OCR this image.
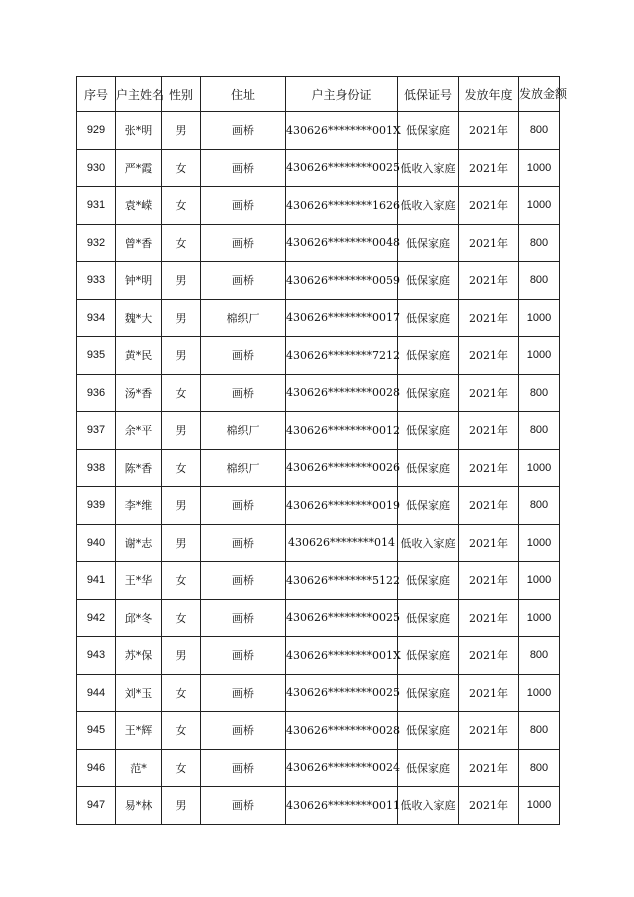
序号	户主姓名	性别	住址	户主身份证	低保证号	发放年度	发放金额
929	张*明	男	画桥	430626********001X	低保家庭	2021年	800
930	严*霞	女	画桥	430626********0025	低收入家庭	2021年	1000
931	袁*嵘	女	画桥	430626********1626	低收入家庭	2021年	1000
932	曾*香	女	画桥	430626********0048	低保家庭	2021年	800
933	钟*明	男	画桥	430626********0059	低保家庭	2021年	800
934	魏*大	男	棉织厂	430626********0017	低保家庭	2021年	1000
935	黄*民	男	画桥	430626********7212	低保家庭	2021年	1000
936	汤*香	女	画桥	430626********0028	低保家庭	2021年	800
937	余*平	男	棉织厂	430626********0012	低保家庭	2021年	800
938	陈*香	女	棉织厂	430626********0026	低保家庭	2021年	1000
939	李*维	男	画桥	430626********0019	低保家庭	2021年	800
940	谢*志	男	画桥	430626********014	低收入家庭	2021年	1000
941	王*华	女	画桥	430626********5122	低保家庭	2021年	1000
942	邱*冬	女	画桥	430626********0025	低保家庭	2021年	1000
943	苏*保	男	画桥	430626********001X	低保家庭	2021年	800
944	刘*玉	女	画桥	430626********0025	低保家庭	2021年	1000
945	王*辉	女	画桥	430626********0028	低保家庭	2021年	800
946	范*	女	画桥	430626********0024	低保家庭	2021年	800
947	易*林	男	画桥	430626********0011	低收入家庭	2021年	1000
